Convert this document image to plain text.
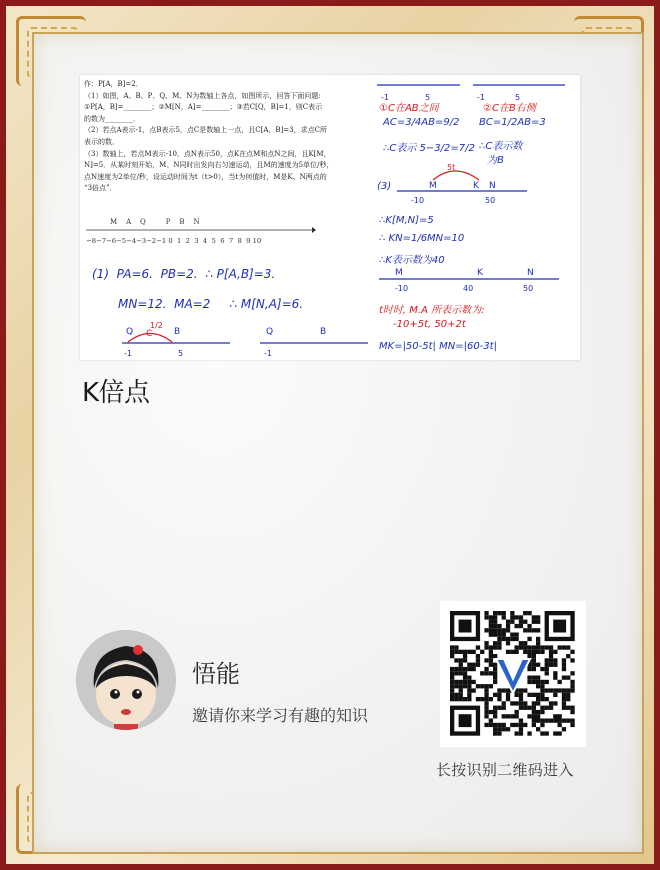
作：P[A，B]=2．

（1）如图，A、B、P、Q、M、N为数轴上各点，如图所示，回答下面问题:

①P[A，B]=________；②M[N，A]=________；③若C[Q，B]=1，则C表示

的数为________．

（2）若点A表示-1，点B表示5，点C是数轴上一点，且C[A，B]=3，求点C所

表示的数．

（3）数轴上，若点M表示-10，点N表示50，点K在点M和点N之间，且K[M，

N]=5．从某时刻开始，M、N同时出发向右匀速运动，且M的速度为5单位/秒，

点N速度为2单位/秒，设运动时间为t（t>0），当t为何值时，M是K、N两点的

“3倍点”．

M    A    Q         P    B    N
−8−7−6−5−4−3−2−1 0  1  2  3  4  5  6  7  8  9 10
(1)  PA=6.  PB=2.  ∴ P[A,B]=3.
MN=12.  MA=2     ∴ M[N,A]=6.
1/2
Q C B
-1	5
Q	B
-1
-1	5	-1	5
①C在AB之间	②C在B右侧
AC=3/4AB=9/2 BC=1/2AB=3
∴C表示 5−3/2=7/2 ∴C表示数
为B
(3)
5t
M	K N
-10	50
∴K[M,N]=5
∴ KN=1/6MN=10
∴K表示数为40
M	K	N
-10	40	50
t时时, M.A 所表示数为:
-10+5t, 50+2t
MK=|50-5t| MN=|60-3t|
K倍点
悟能
邀请你来学习有趣的知识
长按识别二维码进入
